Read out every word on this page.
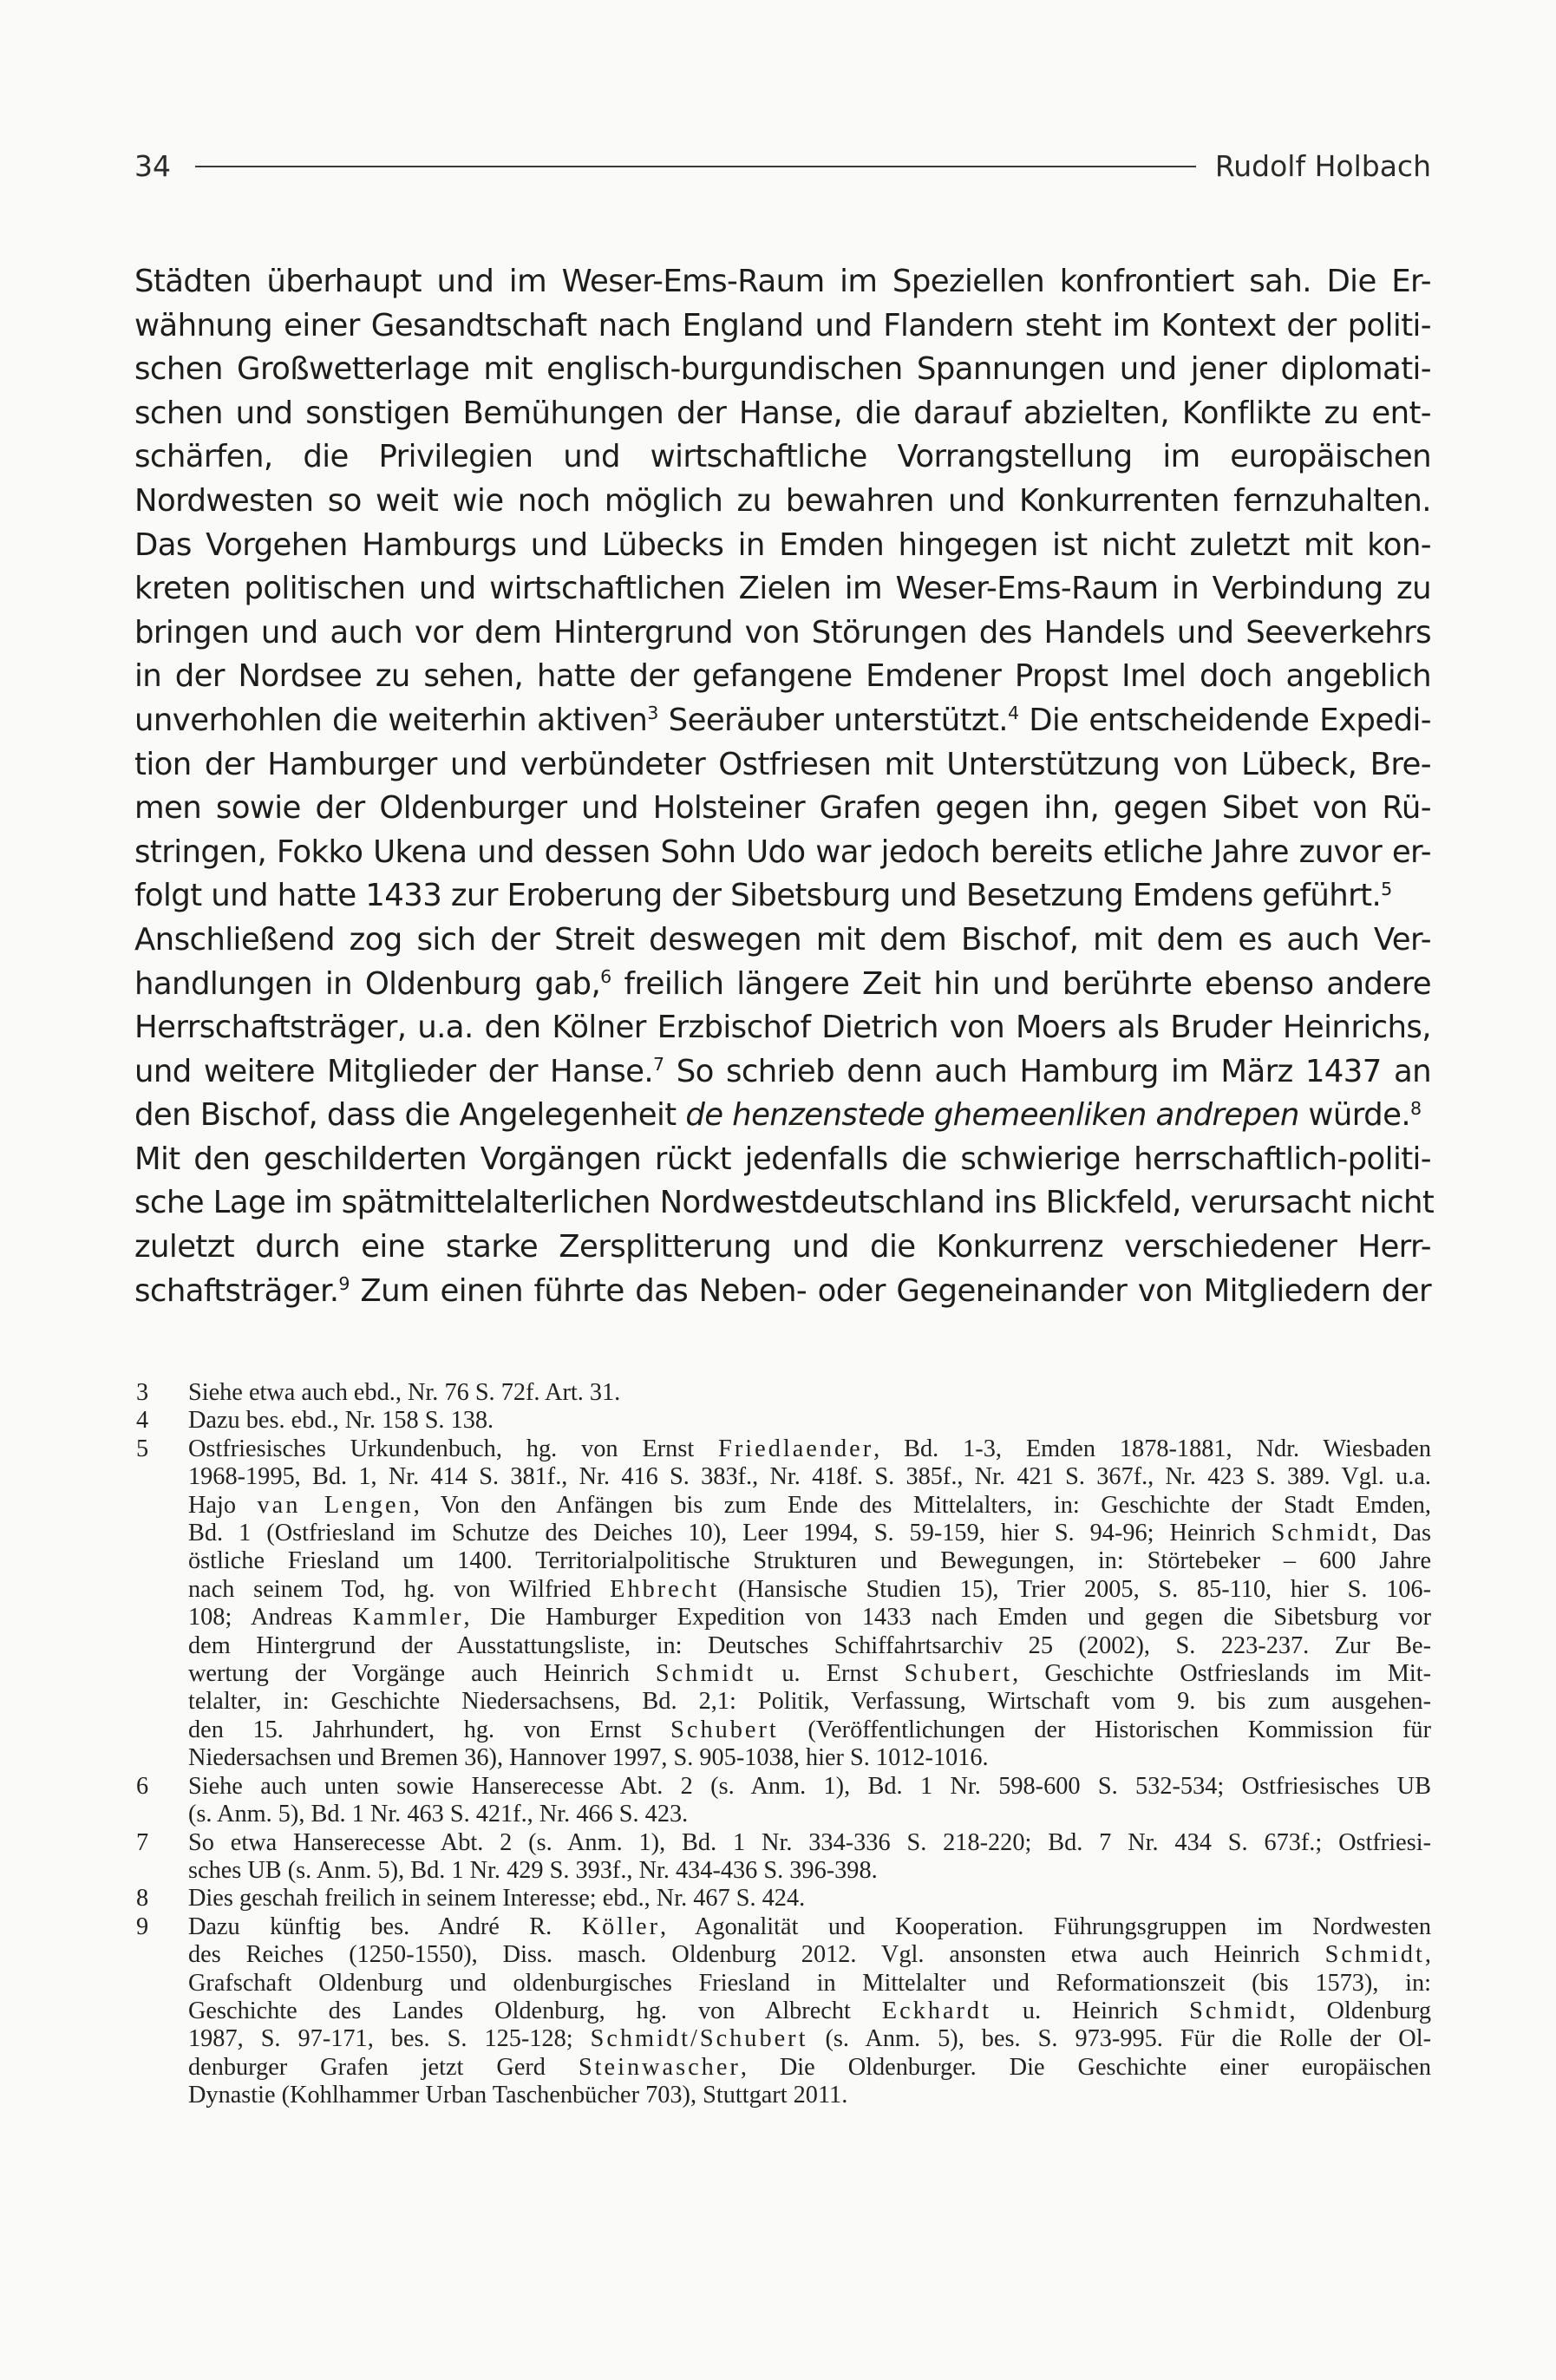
34	Rudolf Holbach
Städten überhaupt und im Weser-Ems-Raum im Speziellen konfrontiert sah. Die Er-
wähnung einer Gesandtschaft nach England und Flandern steht im Kontext der politi-
schen Großwetterlage mit englisch-burgundischen Spannungen und jener diplomati-
schen und sonstigen Bemühungen der Hanse, die darauf abzielten, Konflikte zu ent-
schärfen, die Privilegien und wirtschaftliche Vorrangstellung im europäischen
Nordwesten so weit wie noch möglich zu bewahren und Konkurrenten fernzuhalten.
Das Vorgehen Hamburgs und Lübecks in Emden hingegen ist nicht zuletzt mit kon-
kreten politischen und wirtschaftlichen Zielen im Weser-Ems-Raum in Verbindung zu
bringen und auch vor dem Hintergrund von Störungen des Handels und Seeverkehrs
in der Nordsee zu sehen, hatte der gefangene Emdener Propst Imel doch angeblich
unverhohlen die weiterhin aktiven$^3$ Seeräuber unterstützt.$^4$ Die entscheidende Expedi-
tion der Hamburger und verbündeter Ostfriesen mit Unterstützung von Lübeck, Bre-
men sowie der Oldenburger und Holsteiner Grafen gegen ihn, gegen Sibet von Rü-
stringen, Fokko Ukena und dessen Sohn Udo war jedoch bereits etliche Jahre zuvor er-
folgt und hatte 1433 zur Eroberung der Sibetsburg und Besetzung Emdens geführt.$^5$
Anschließend zog sich der Streit deswegen mit dem Bischof, mit dem es auch Ver-
handlungen in Oldenburg gab,$^6$ freilich längere Zeit hin und berührte ebenso andere
Herrschaftsträger, u.a. den Kölner Erzbischof Dietrich von Moers als Bruder Heinrichs,
und weitere Mitglieder der Hanse.$^7$ So schrieb denn auch Hamburg im März 1437 an
den Bischof, dass die Angelegenheit de henzenstede ghemeenliken andrepen würde.$^8$
Mit den geschilderten Vorgängen rückt jedenfalls die schwierige herrschaftlich-politi-
sche Lage im spätmittelalterlichen Nordwestdeutschland ins Blickfeld, verursacht nicht
zuletzt durch eine starke Zersplitterung und die Konkurrenz verschiedener Herr-
schaftsträger.$^9$ Zum einen führte das Neben- oder Gegeneinander von Mitgliedern der
3 Siehe etwa auch ebd., Nr. 76 S. 72f. Art. 31.
4 Dazu bes. ebd., Nr. 158 S. 138.
5 Ostfriesisches Urkundenbuch, hg. von Ernst Friedlaender, Bd. 1-3, Emden 1878-1881, Ndr. Wiesbaden
1968-1995, Bd. 1, Nr. 414 S. 381f., Nr. 416 S. 383f., Nr. 418f. S. 385f., Nr. 421 S. 367f., Nr. 423 S. 389. Vgl. u.a.
Hajo van Lengen, Von den Anfängen bis zum Ende des Mittelalters, in: Geschichte der Stadt Emden,
Bd. 1 (Ostfriesland im Schutze des Deiches 10), Leer 1994, S. 59-159, hier S. 94-96; Heinrich Schmidt, Das
östliche Friesland um 1400. Territorialpolitische Strukturen und Bewegungen, in: Störtebeker – 600 Jahre
nach seinem Tod, hg. von Wilfried Ehbrecht (Hansische Studien 15), Trier 2005, S. 85-110, hier S. 106-
108; Andreas Kammler, Die Hamburger Expedition von 1433 nach Emden und gegen die Sibetsburg vor
dem Hintergrund der Ausstattungsliste, in: Deutsches Schiffahrtsarchiv 25 (2002), S. 223-237. Zur Be-
wertung der Vorgänge auch Heinrich Schmidt u. Ernst Schubert, Geschichte Ostfrieslands im Mit-
telalter, in: Geschichte Niedersachsens, Bd. 2,1: Politik, Verfassung, Wirtschaft vom 9. bis zum ausgehen-
den 15. Jahrhundert, hg. von Ernst Schubert (Veröffentlichungen der Historischen Kommission für
Niedersachsen und Bremen 36), Hannover 1997, S. 905-1038, hier S. 1012-1016.
6 Siehe auch unten sowie Hanserecesse Abt. 2 (s. Anm. 1), Bd. 1 Nr. 598-600 S. 532-534; Ostfriesisches UB
(s. Anm. 5), Bd. 1 Nr. 463 S. 421f., Nr. 466 S. 423.
7 So etwa Hanserecesse Abt. 2 (s. Anm. 1), Bd. 1 Nr. 334-336 S. 218-220; Bd. 7 Nr. 434 S. 673f.; Ostfriesi-
sches UB (s. Anm. 5), Bd. 1 Nr. 429 S. 393f., Nr. 434-436 S. 396-398.
8 Dies geschah freilich in seinem Interesse; ebd., Nr. 467 S. 424.
9 Dazu künftig bes. André R. Köller, Agonalität und Kooperation. Führungsgruppen im Nordwesten
des Reiches (1250-1550), Diss. masch. Oldenburg 2012. Vgl. ansonsten etwa auch Heinrich Schmidt,
Grafschaft Oldenburg und oldenburgisches Friesland in Mittelalter und Reformationszeit (bis 1573), in:
Geschichte des Landes Oldenburg, hg. von Albrecht Eckhardt u. Heinrich Schmidt, Oldenburg
1987, S. 97-171, bes. S. 125-128; Schmidt/Schubert (s. Anm. 5), bes. S. 973-995. Für die Rolle der Ol-
denburger Grafen jetzt Gerd Steinwascher, Die Oldenburger. Die Geschichte einer europäischen
Dynastie (Kohlhammer Urban Taschenbücher 703), Stuttgart 2011.
